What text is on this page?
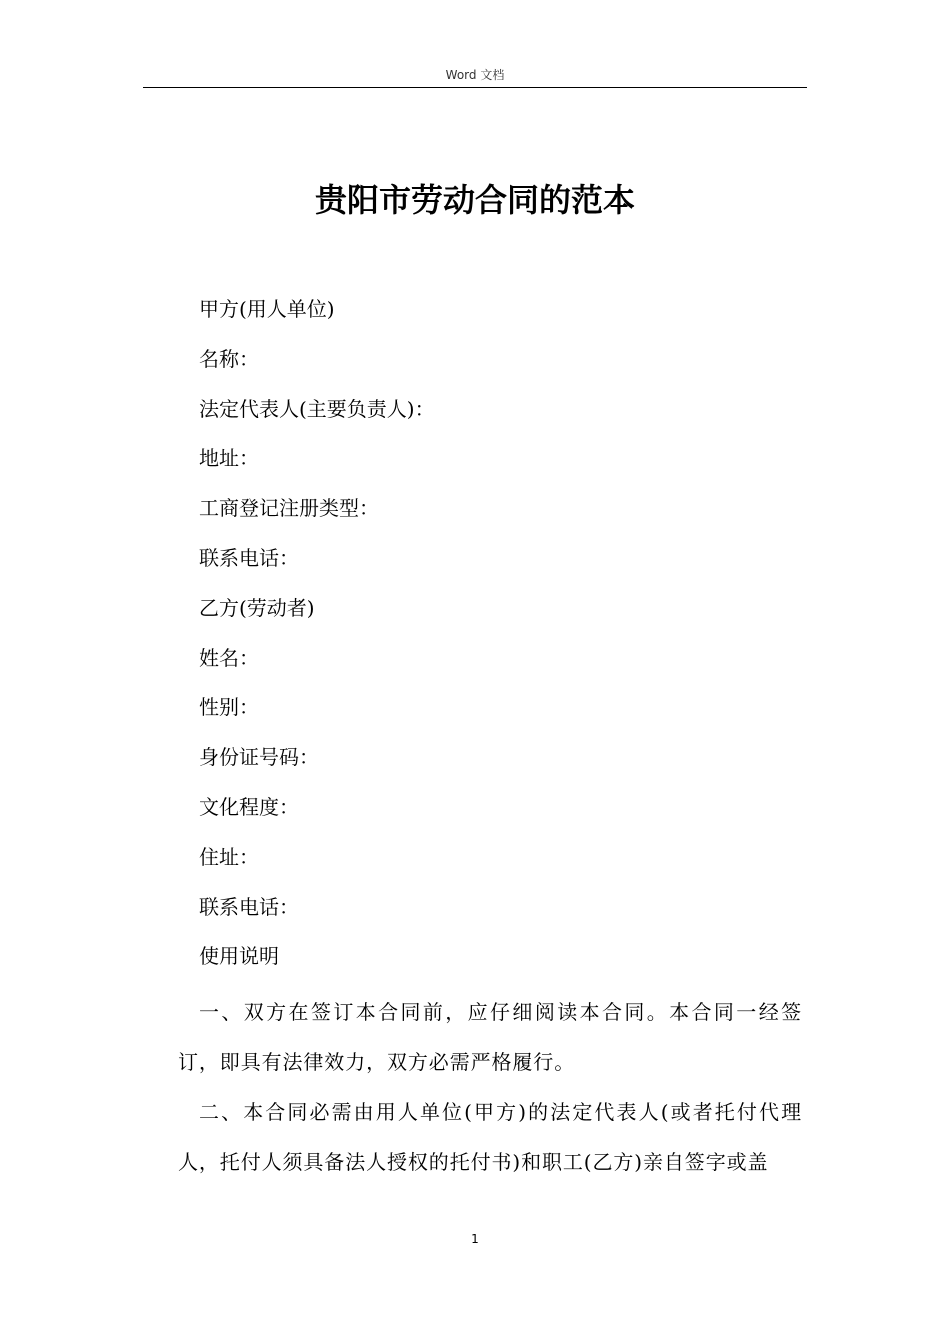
Word 文档
贵阳市劳动合同的范本
甲方(用人单位)
名称：
法定代表人(主要负责人)：
地址：
工商登记注册类型：
联系电话：
乙方(劳动者)
姓名：
性别：
身份证号码：
文化程度：
住址：
联系电话：
使用说明

一、双方在签订本合同前，应仔细阅读本合同。本合同一经签订，即具有法律效力，双方必需严格履行。

二、本合同必需由用人单位(甲方)的法定代表人(或者托付代理人，托付人须具备法人授权的托付书)和职工(乙方)亲自签字或盖

1
